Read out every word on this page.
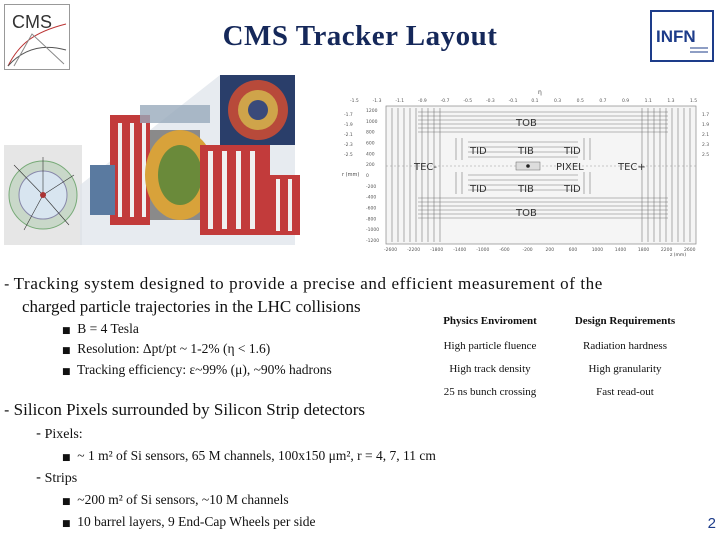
CMS Tracker Layout
CMS
INFN
-1.5	-1.3	-1.1	-0.9	-0.7	-0.5	-0.3	-0.1	0.1	0.3	0.5	0.7	0.9	1.1	1.3	1.5
η
TOB
TID	TIB	TID
TEC-	PIXEL	TEC+
TID	TIB	TID
TOB
r (mm)
1200
1000
800
600
400
200
0
-200
-400
-600
-800
-1000
-1200
-2600 -2200 -1800 -1400 -1000 -600	-200	200	600	1000	1400	1800	2200	2600
-1.7
-1.9
-2.1
-2.3
-2.5
1.7
1.9
2.1
2.3
2.5
z (mm)
- Tracking system designed to provide a precise and efficient measurement of the
charged particle trajectories in the LHC collisions
■ B = 4 Tesla
■ Resolution: Δpt/pt ~ 1-2% (η < 1.6)
■ Tracking efficiency: ε~99% (μ), ~90% hadrons
- Silicon Pixels surrounded by Silicon Strip detectors
- Pixels:
■ ~ 1 m² of Si sensors, 65 M channels, 100x150 μm², r = 4, 7, 11 cm
- Strips
■ ~200 m² of Si sensors, ~10 M channels
■ 10 barrel layers, 9 End-Cap Wheels per side
Physics Enviroment	Design Requirements
High particle fluence	Radiation hardness
High track density	High granularity
25 ns bunch crossing	Fast read-out
2
